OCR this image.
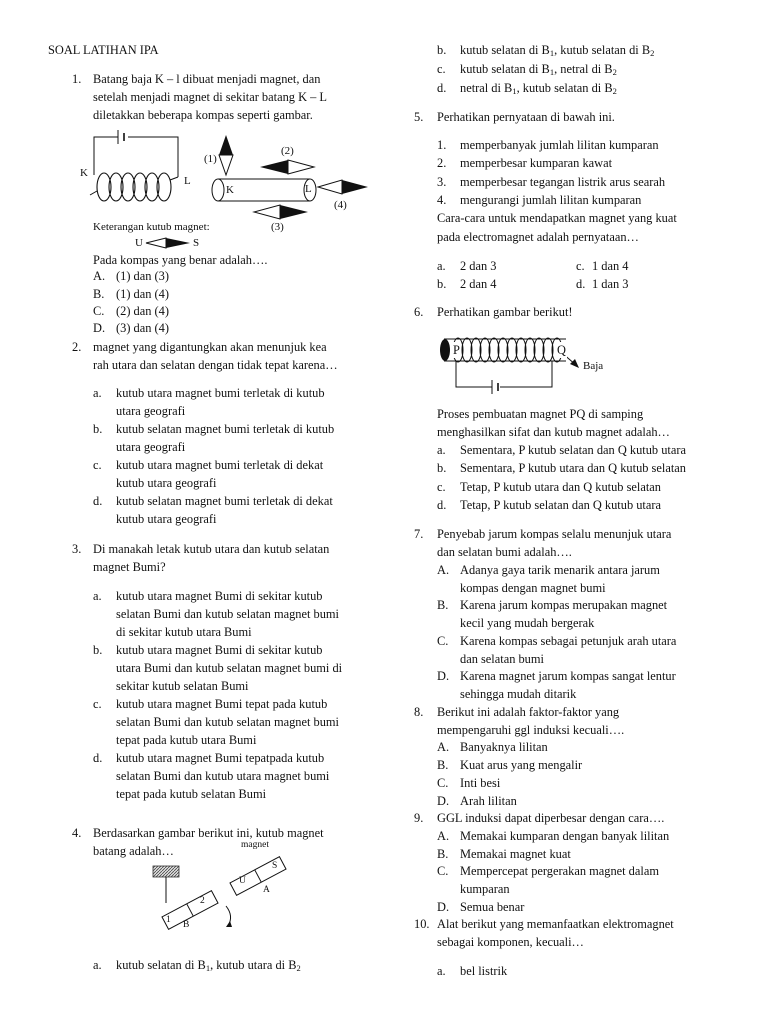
SOAL LATIHAN IPA
1. Batang baja K – l dibuat menjadi magnet, dan
setelah menjadi magnet di sekitar batang K – L
diletakkan beberapa kompas seperti gambar.
K
L
(1)
(2)
K	L
(4)
(3)
Keterangan kutub magnet:
U	S
Pada kompas yang benar adalah….
A. (1) dan (3)
B. (1) dan (4)
C. (2) dan (4)
D. (3) dan (4)
2. magnet yang digantungkan akan menunjuk kea
rah utara dan selatan dengan tidak tepat karena…
a. kutub utara magnet bumi terletak di kutub
utara geografi
b. kutub selatan magnet bumi terletak di kutub
utara geografi
c. kutub utara magnet bumi terletak di dekat
kutub utara geografi
d. kutub selatan magnet bumi terletak di dekat
kutub utara geografi
3. Di manakah letak kutub utara dan kutub selatan
magnet Bumi?
a. kutub utara magnet Bumi di sekitar kutub
selatan Bumi dan kutub selatan magnet bumi
di sekitar kutub utara Bumi
b. kutub utara magnet Bumi di sekitar kutub
utara Bumi dan kutub selatan magnet bumi di
sekitar kutub selatan Bumi
c. kutub utara magnet Bumi tepat pada kutub
selatan Bumi dan kutub selatan magnet bumi
tepat pada kutub utara Bumi
d. kutub utara magnet Bumi tepatpada kutub
selatan Bumi dan kutub utara magnet bumi
tepat pada kutub selatan Bumi
4. Berdasarkan gambar berikut ini, kutub magnet
batang adalah…	magnet
U
S
A
1
2
B
a. kutub selatan di $B_1$, kutub utara di $B_2$
b. kutub selatan di $B_1$, kutub selatan di $B_2$
c. kutub selatan di $B_1$, netral di $B_2$
d. netral di $B_1$, kutub selatan di $B_2$
5. Perhatikan pernyataan di bawah ini.
1. memperbanyak jumlah lilitan kumparan
2. memperbesar kumparan kawat
3. memperbesar tegangan listrik arus searah
4. mengurangi jumlah lilitan kumparan
Cara-cara untuk mendapatkan magnet yang kuat
pada electromagnet adalah pernyataan…
a. 2 dan 3	c. 1 dan 4
b. 2 dan 4	d. 1 dan 3
6. Perhatikan gambar berikut!
P	Q
Baja
Proses pembuatan magnet PQ di samping
menghasilkan sifat dan kutub magnet adalah…
a. Sementara, P kutub selatan dan Q kutub utara
b. Sementara, P kutub utara dan Q kutub selatan
c. Tetap, P kutub utara dan Q kutub selatan
d. Tetap, P kutub selatan dan Q kutub utara
7. Penyebab jarum kompas selalu menunjuk utara
dan selatan bumi adalah….
A. Adanya gaya tarik menarik antara jarum
kompas dengan magnet bumi
B. Karena jarum kompas merupakan magnet
kecil yang mudah bergerak
C. Karena kompas sebagai petunjuk arah utara
dan selatan bumi
D. Karena magnet jarum kompas sangat lentur
sehingga mudah ditarik
8. Berikut ini adalah faktor-faktor yang
mempengaruhi ggl induksi kecuali….
A. Banyaknya lilitan
B. Kuat arus yang mengalir
C. Inti besi
D. Arah lilitan
9. GGL induksi dapat diperbesar dengan cara….
A. Memakai kumparan dengan banyak lilitan
B. Memakai magnet kuat
C. Mempercepat pergerakan magnet dalam
kumparan
D. Semua benar
10. Alat berikut yang memanfaatkan elektromagnet
sebagai komponen, kecuali…
a. bel listrik
